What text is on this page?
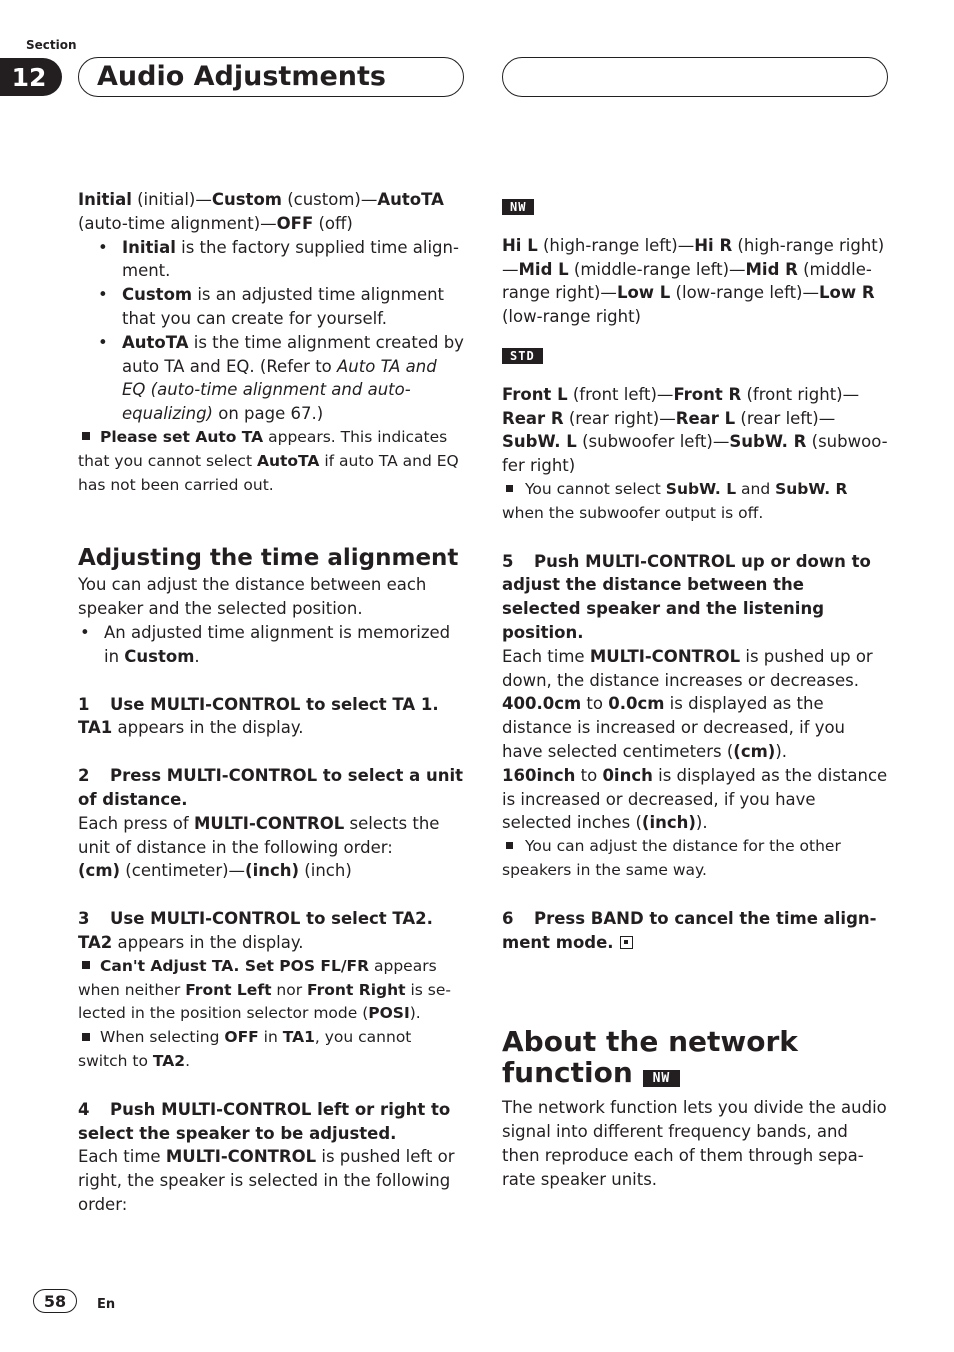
Section
12	Audio Adjustments

Initial (initial)—Custom (custom)—AutoTA
(auto-time alignment)—OFF (off)

• Initial is the factory supplied time align-ment.
• Custom is an adjusted time alignment that you can create for yourself.
• AutoTA is the time alignment created by auto TA and EQ. (Refer to Auto TA and EQ (auto-time alignment and auto-equalizing) on page 67.)

Please set Auto TA appears. This indicates that you cannot select AutoTA if auto TA and EQ has not been carried out.

Adjusting the time alignment

You can adjust the distance between each speaker and the selected position.

• An adjusted time alignment is memorized in Custom.

1 Use MULTI-CONTROL to select TA 1.

TA1 appears in the display.

2 Press MULTI-CONTROL to select a unit of distance.

Each press of MULTI-CONTROL selects the unit of distance in the following order:

(cm) (centimeter)—(inch) (inch)

3 Use MULTI-CONTROL to select TA2.

TA2 appears in the display.

Can't Adjust TA. Set POS FL/FR appears when neither Front Left nor Front Right is se-lected in the position selector mode (POSI).

When selecting OFF in TA1, you cannot switch to TA2.

4 Push MULTI-CONTROL left or right to select the speaker to be adjusted.

Each time MULTI-CONTROL is pushed left or right, the speaker is selected in the following order:

NW

Hi L (high-range left)—Hi R (high-range right)—Mid L (middle-range left)—Mid R (middle-range right)—Low L (low-range left)—Low R (low-range right)

STD

Front L (front left)—Front R (front right)—Rear R (rear right)—Rear L (rear left)—SubW. L (subwoofer left)—SubW. R (subwoo-fer right)

You cannot select SubW. L and SubW. R when the subwoofer output is off.

5 Push MULTI-CONTROL up or down to adjust the distance between the selected speaker and the listening position.

Each time MULTI-CONTROL is pushed up or down, the distance increases or decreases.

400.0cm to 0.0cm is displayed as the distance is increased or decreased, if you have selected centimeters ((cm)).

160inch to 0inch is displayed as the distance is increased or decreased, if you have selected inches ((inch)).

You can adjust the distance for the other speakers in the same way.

6 Press BAND to cancel the time align-ment mode.

About the network
function NW

The network function lets you divide the audio signal into different frequency bands, and then reproduce each of them through sepa-rate speaker units.

58	En
